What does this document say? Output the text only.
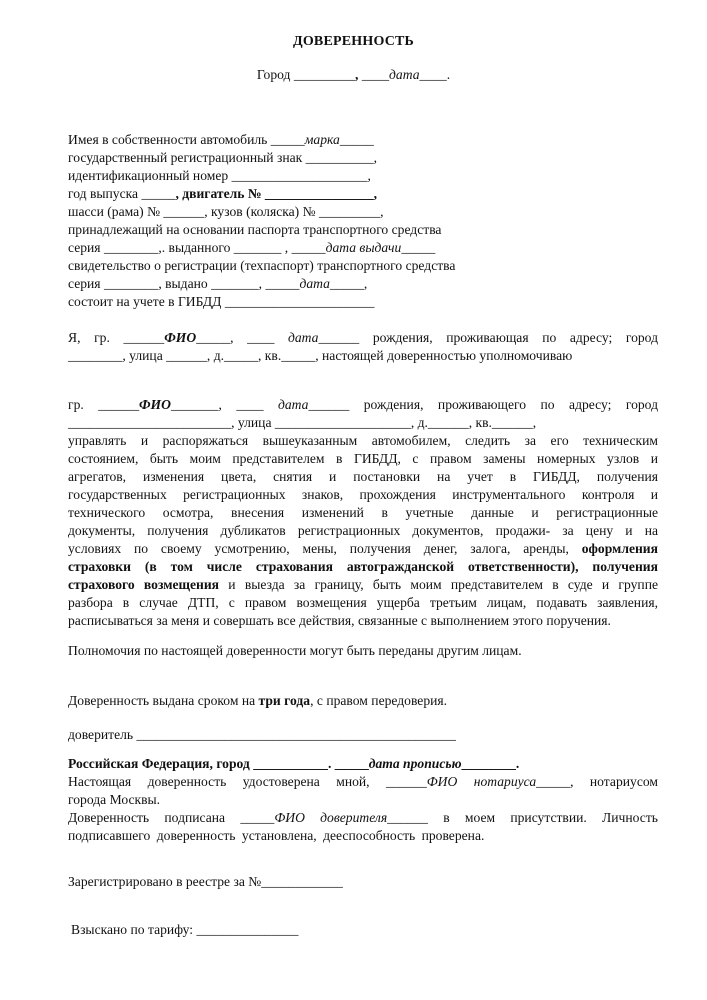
ДОВЕРЕННОСТЬ
Город _________, ____дата____.
Имея в собственности автомобиль _____марка_____
государственный регистрационный знак __________,
идентификационный номер ____________________,
год выпуска _____, двигатель № ________________,
шасси (рама) № ______, кузов (коляска) № _________,
принадлежащий на основании паспорта транспортного средства
серия ________,. выданного _______ , _____дата выдачи_____
свидетельство о регистрации (техпаспорт) транспортного средства
серия ________, выдано _______, _____дата_____,
состоит на учете в ГИБДД ______________________
Я, гр. ______ФИО_____, ____ дата______ рождения, проживающая по адресу; город
________, улица ______, д._____, кв._____, настоящей доверенностью уполномочиваю
гр. ______ФИО_______, ____ дата______ рождения, проживающего по адресу; город
________________________, улица ____________________, д.______, кв.______,
управлять и распоряжаться вышеуказанным автомобилем, следить за его техническим
состоянием, быть моим представителем в ГИБДД, с правом замены номерных узлов и
агрегатов, изменения цвета, снятия и постановки на учет в ГИБДД, получения
государственных регистрационных знаков, прохождения инструментального контроля и
технического осмотра, внесения изменений в учетные данные и регистрационные
документы, получения дубликатов регистрационных документов, продажи- за цену и на
условиях по своему усмотрению, мены, получения денег, залога, аренды, оформления
страховки (в том числе страхования автогражданской ответственности), получения
страхового возмещения и выезда за границу, быть моим представителем в суде и группе
разбора в случае ДТП, с правом возмещения ущерба третьим лицам, подавать заявления,
расписываться за меня и совершать все действия, связанные с выполнением этого поручения.
Полномочия по настоящей доверенности могут быть переданы другим лицам.
Доверенность выдана сроком на три года, с правом передоверия.
доверитель _______________________________________________
Российская Федерация, город ___________. _____дата прописью________.
Настоящая доверенность удостоверена мной, ______ФИО нотариуса_____, нотариусом
города Москвы.
Доверенность подписана _____ФИО доверителя______ в моем присутствии. Личность
подписавшего доверенность установлена, дееспособность проверена.
Зарегистрировано в реестре за №____________
Взыскано по тарифу: _______________
